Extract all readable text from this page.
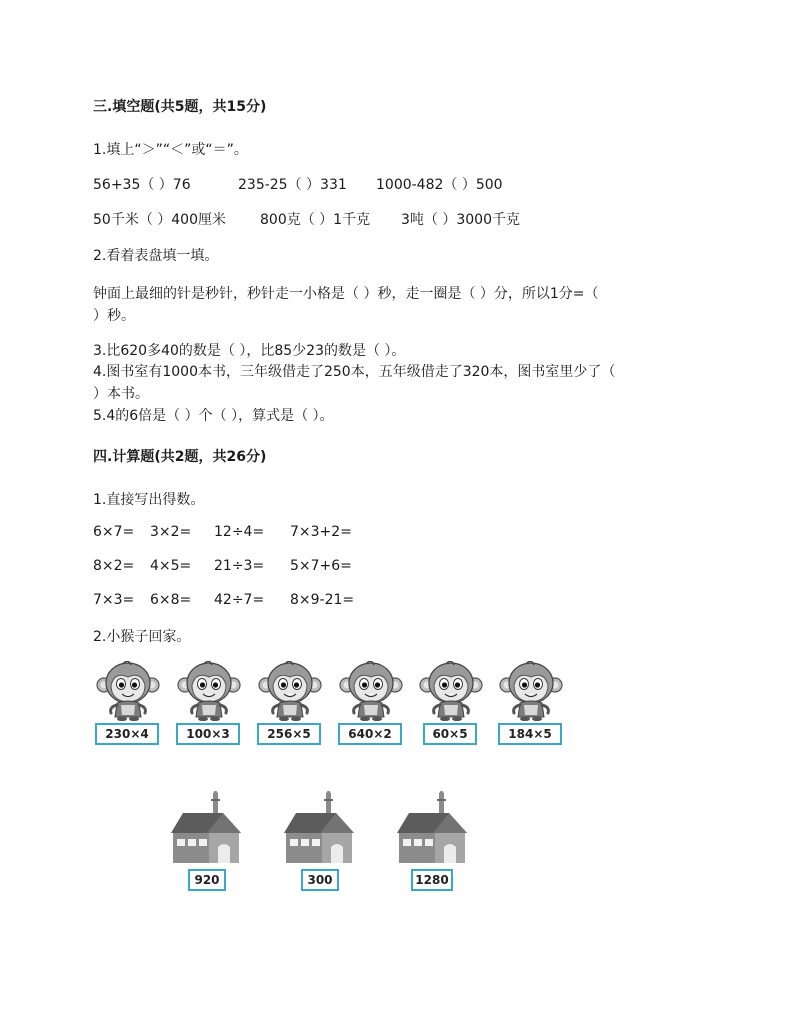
三.填空题(共5题，共15分)
1.填上“＞”“＜”或“＝”。
56+35（ ）76	235-25（ ）331 1000-482（ ）500
50千米（ ）400厘米 800克（ ）1千克 3吨（ ）3000千克
2.看着表盘填一填。
钟面上最细的针是秒针，秒针走一小格是（ ）秒，走一圈是（ ）分，所以1分=（
）秒。
3.比620多40的数是（ ），比85少23的数是（ ）。
4.图书室有1000本书，三年级借走了250本，五年级借走了320本，图书室里少了（
）本书。
5.4的6倍是（ ）个（ ），算式是（ ）。
四.计算题(共2题，共26分)
1.直接写出得数。
6×7= 3×2= 12÷4= 7×3+2=
8×2= 4×5= 21÷3= 5×7+6=
7×3= 6×8= 42÷7= 8×9-21=
2.小猴子回家。
230×4	100×3	256×5	640×2	60×5	184×5
920	300	1280
